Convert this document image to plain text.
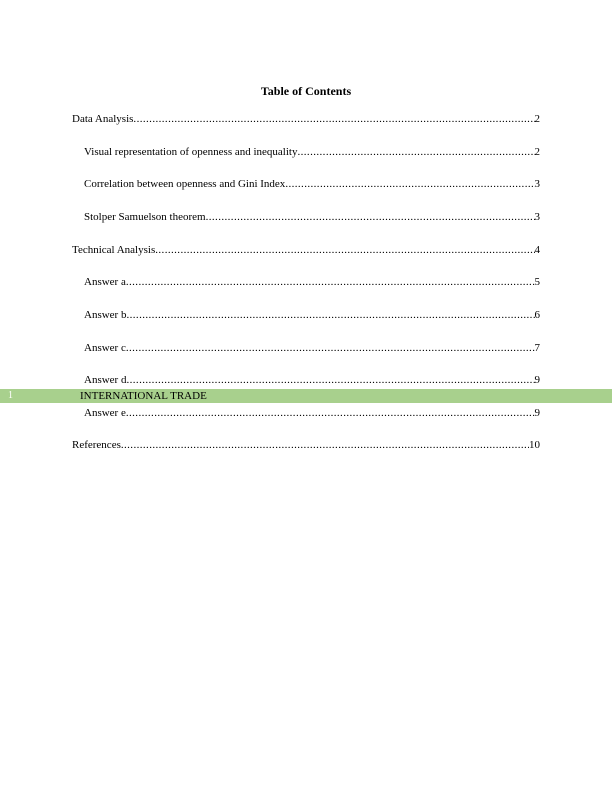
Table of Contents
Data Analysis .....	2
Visual representation of openness and inequality .....	2
Correlation between openness and Gini Index .....	3
Stolper Samuelson theorem .....	3
Technical Analysis .....	4
Answer a .....	5
Answer b .....	6
Answer c .....	7
Answer d .....	9
1	INTERNATIONAL TRADE
Answer e .....	9
References .....	10
